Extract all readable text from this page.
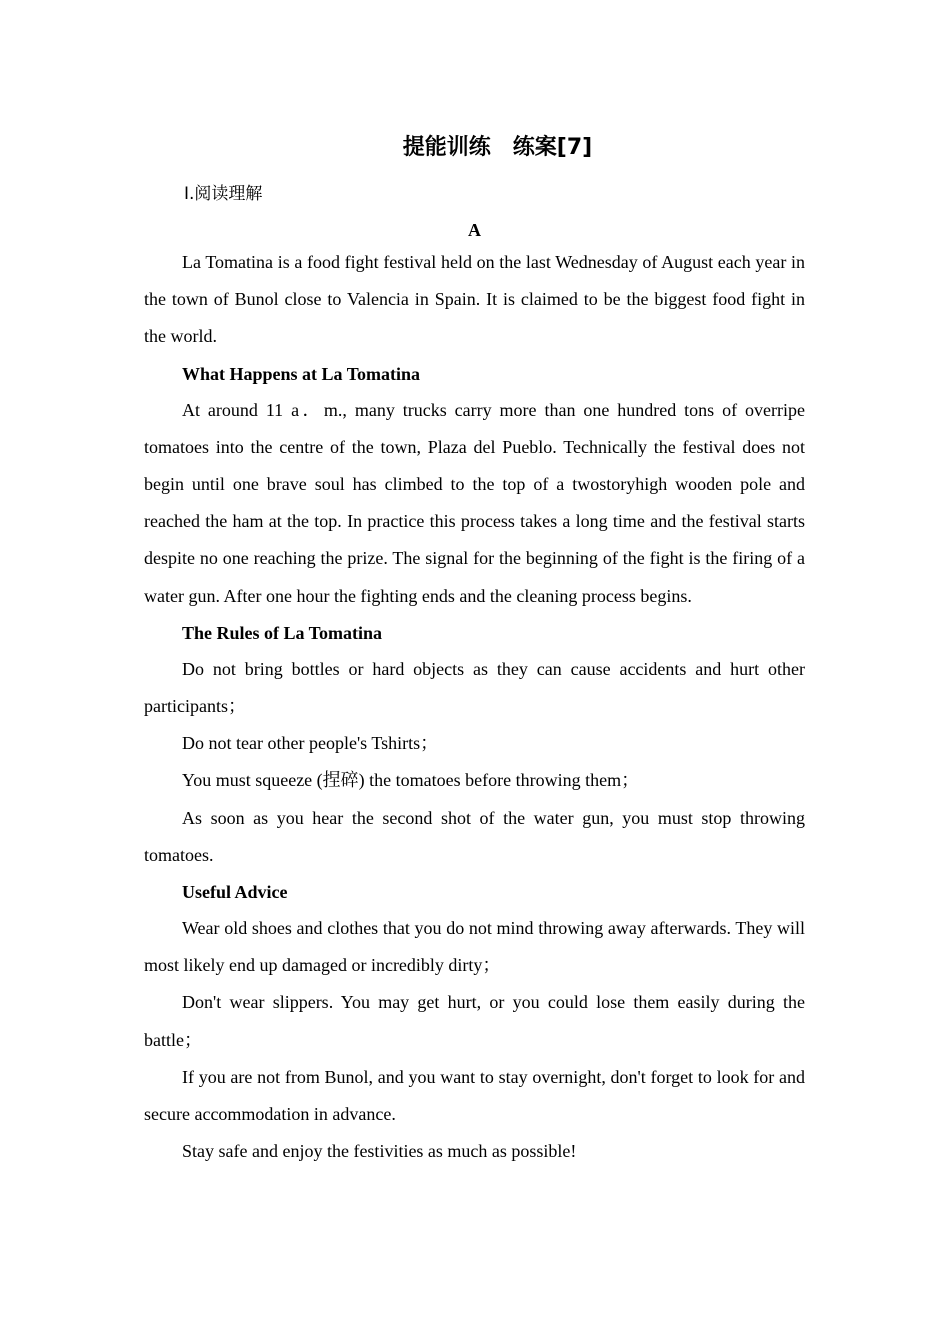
提能训练　练案[7]
Ⅰ.阅读理解
A

La Tomatina is a food fight festival held on the last Wednesday of August each year in the town of Bunol close to Valencia in Spain. It is claimed to be the biggest food fight in the world.

What Happens at La Tomatina

At around 11 a．m., many trucks carry more than one hundred tons of overripe tomatoes into the centre of the town, Plaza del Pueblo. Technically the festival does not begin until one brave soul has climbed to the top of a twostoryhigh wooden pole and reached the ham at the top. In practice this process takes a long time and the festival starts despite no one reaching the prize. The signal for the beginning of the fight is the firing of a water gun. After one hour the fighting ends and the cleaning process begins.

The Rules of La Tomatina

Do not bring bottles or hard objects as they can cause accidents and hurt other participants；

Do not tear other people's Tshirts；

You must squeeze (捏碎) the tomatoes before throwing them；

As soon as you hear the second shot of the water gun, you must stop throwing tomatoes.

Useful Advice

Wear old shoes and clothes that you do not mind throwing away afterwards. They will most likely end up damaged or incredibly dirty；

Don't wear slippers. You may get hurt, or you could lose them easily during the battle；

If you are not from Bunol, and you want to stay overnight, don't forget to look for and secure accommodation in advance.

Stay safe and enjoy the festivities as much as possible!
